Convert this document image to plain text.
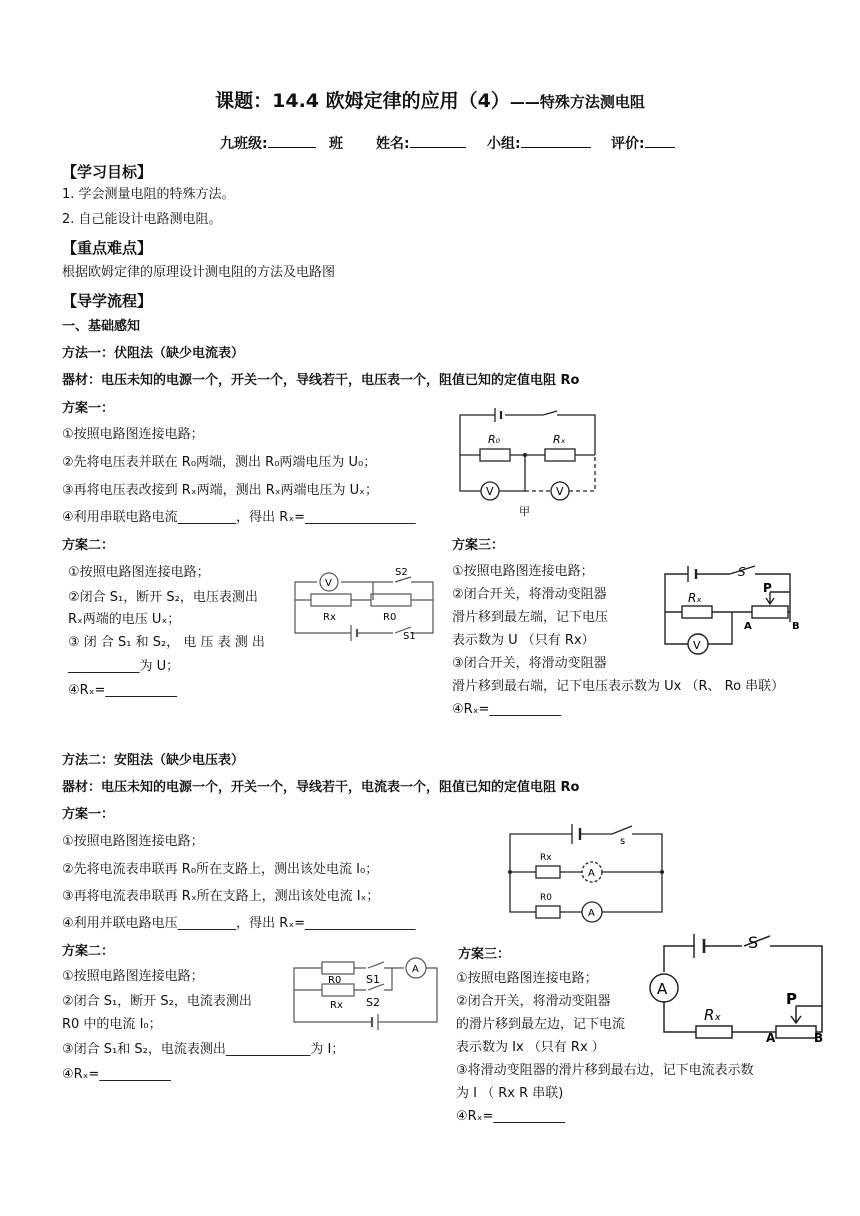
课题：14.4 欧姆定律的应用（4）——特殊方法测电阻
九班级:	班 姓名:	小组:	评价:
【学习目标】
1. 学会测量电阻的特殊方法。
2. 自己能设计电路测电阻。
【重点难点】
根据欧姆定律的原理设计测电阻的方法及电路图
【导学流程】
一、基础感知
方法一：伏阻法（缺少电流表）
器材：电压未知的电源一个，开关一个，导线若干，电压表一个，阻值已知的定值电阻 Ro
方案一：
①按照电路图连接电路；
②先将电压表并联在 R₀两端，测出 R₀两端电压为 U₀；
③再将电压表改接到 Rₓ两端，测出 Rₓ两端电压为 Uₓ；
④利用串联电路电流_________，得出 Rₓ=_________________
R₀	Rₓ
V	V
甲
方案二：
①按照电路图连接电路；
②闭合 S₁，断开 S₂，电压表测出
Rₓ两端的电压 Uₓ；
③ 闭 合 S₁ 和 S₂， 电 压 表 测 出
___________为 U；
④Rₓ=___________
V
S2
Rx	R0
S1
方案三：
①按照电路图连接电路；
②闭合开关，将滑动变阻器
滑片移到最左端，记下电压
表示数为 U （只有 Rx）
③闭合开关，将滑动变阻器
滑片移到最右端，记下电压表示数为 Ux （R、 Ro 串联）
④Rₓ=___________
S
P
Rₓ
A	B
V
方法二：安阻法（缺少电压表）
器材：电压未知的电源一个，开关一个，导线若干，电流表一个，阻值已知的定值电阻 Ro
方案一：
①按照电路图连接电路；
②先将电流表串联再 R₀所在支路上，测出该处电流 I₀；
③再将电流表串联再 Rₓ所在支路上，测出该处电流 Iₓ；
④利用并联电路电压_________，得出 Rₓ=_________________
s
Rx
R0
A
A
方案二：
①按照电路图连接电路；
②闭合 S₁，断开 S₂，电流表测出
R0 中的电流 I₀；
③闭合 S₁和 S₂，电流表测出_____________为 I；
④Rₓ=___________
R0 S1
Rx S2
A
方案三：
①按照电路图连接电路；
②闭合开关，将滑动变阻器
的滑片移到最左边，记下电流
表示数为 Ix （只有 Rx ）
③将滑动变阻器的滑片移到最右边，记下电流表示数
为 I （ Rx R 串联)
④Rₓ=___________
S
A
Rₓ
P
A	B
